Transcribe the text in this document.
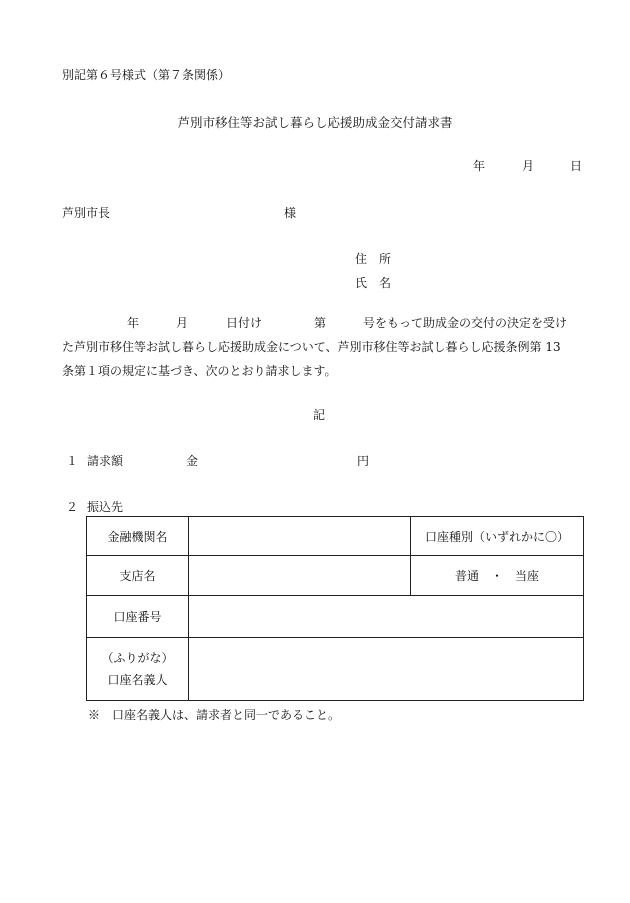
別記第６号様式（第７条関係）
芦別市移住等お試し暮らし応援助成金交付請求書
年	月	日
芦別市長	様
住　所
氏　名
年	月	日付け	第	号をもって助成金の交付の決定を受け
た芦別市移住等お試し暮らし応援助成金について、芦別市移住等お試し暮らし応援条例第 13
条第１項の規定に基づき、次のとおり請求します。
記
１ 請求額	金	円
２ 振込先
金融機関名		口座種別（いずれかに〇）
支店名		普通　・　当座
口座番号		

（ふりがな）
口座名義人		

※　口座名義人は、請求者と同一であること。
